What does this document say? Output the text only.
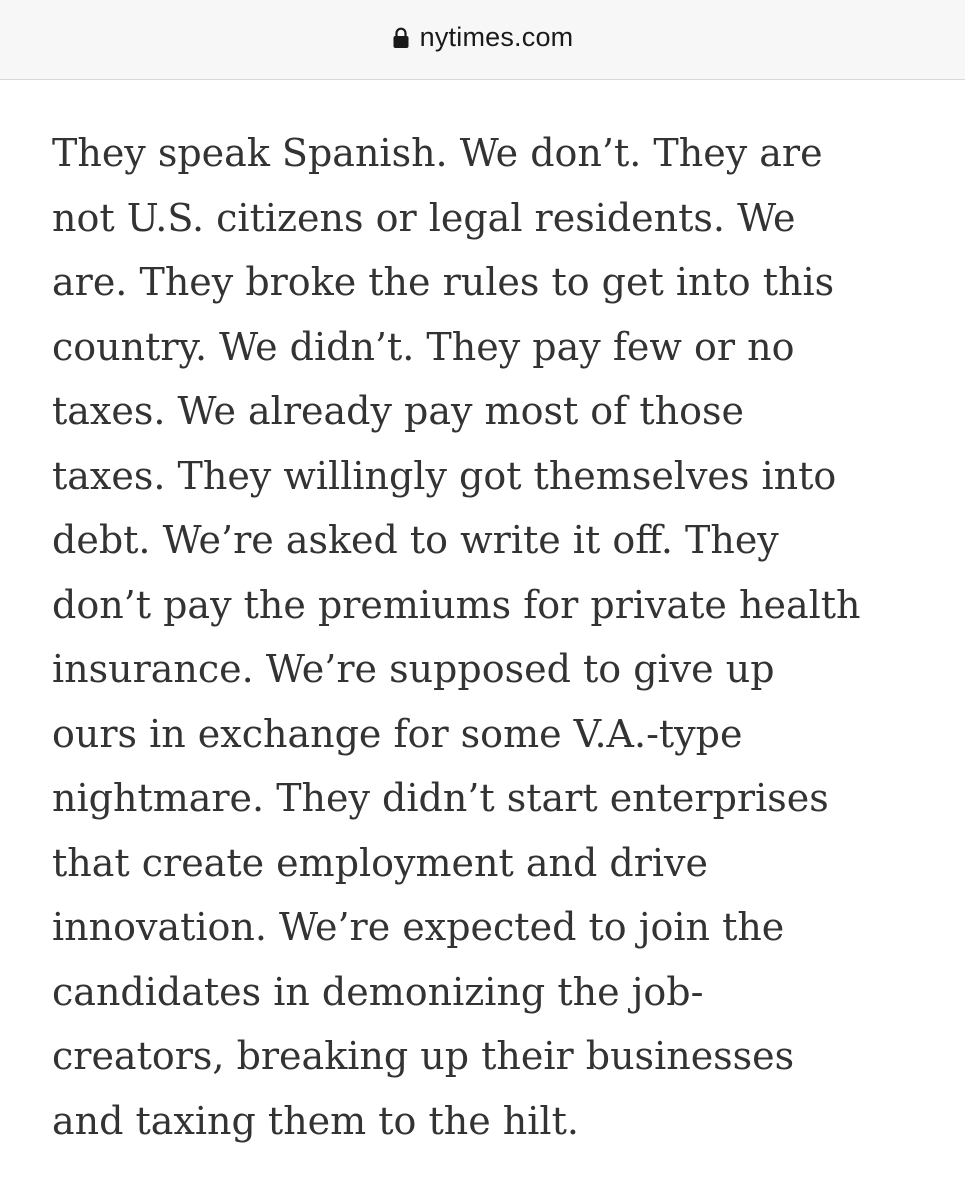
nytimes.com
They speak Spanish. We don’t. They are
not U.S. citizens or legal residents. We
are. They broke the rules to get into this
country. We didn’t. They pay few or no
taxes. We already pay most of those
taxes. They willingly got themselves into
debt. We’re asked to write it off. They
don’t pay the premiums for private health
insurance. We’re supposed to give up
ours in exchange for some V.A.-type
nightmare. They didn’t start enterprises
that create employment and drive
innovation. We’re expected to join the
candidates in demonizing the job-
creators, breaking up their businesses
and taxing them to the hilt.
